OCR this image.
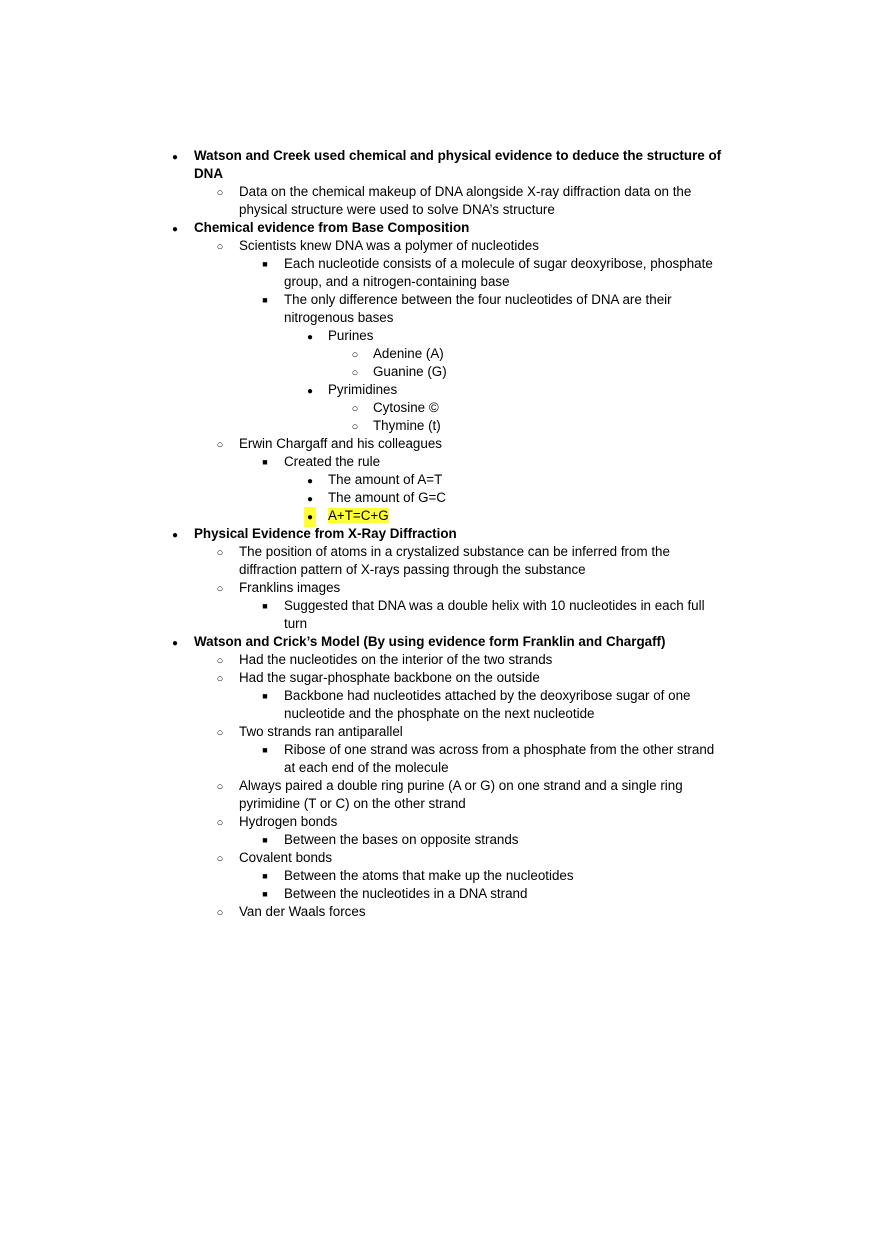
●
Watson and Creek used chemical and physical evidence to deduce the structure of DNA
○
Data on the chemical makeup of DNA alongside X-ray diffraction data on the physical structure were used to solve DNA’s structure
●
Chemical evidence from Base Composition
○
Scientists knew DNA was a polymer of nucleotides
■
Each nucleotide consists of a molecule of sugar deoxyribose, phosphate group, and a nitrogen-containing base
■
The only difference between the four nucleotides of DNA are their nitrogenous bases
●
Purines
○
Adenine (A)
○
Guanine (G)
●
Pyrimidines
○
Cytosine ©
○
Thymine (t)
○
Erwin Chargaff and his colleagues
■
Created the rule
●
The amount of A=T
●
The amount of G=C
●
A+T=C+G
●
Physical Evidence from X-Ray Diffraction
○
The position of atoms in a crystalized substance can be inferred from the diffraction pattern of X-rays passing through the substance
○
Franklins images
■
Suggested that DNA was a double helix with 10 nucleotides in each full turn
●
Watson and Crick’s Model (By using evidence form Franklin and Chargaff)
○
Had the nucleotides on the interior of the two strands
○
Had the sugar-phosphate backbone on the outside
■
Backbone had nucleotides attached by the deoxyribose sugar of one nucleotide and the phosphate on the next nucleotide
○
Two strands ran antiparallel
■
Ribose of one strand was across from a phosphate from the other strand at each end of the molecule
○
Always paired a double ring purine (A or G) on one strand and a single ring pyrimidine (T or C) on the other strand
○
Hydrogen bonds
■
Between the bases on opposite strands
○
Covalent bonds
■
Between the atoms that make up the nucleotides
■
Between the nucleotides in a DNA strand
○
Van der Waals forces
